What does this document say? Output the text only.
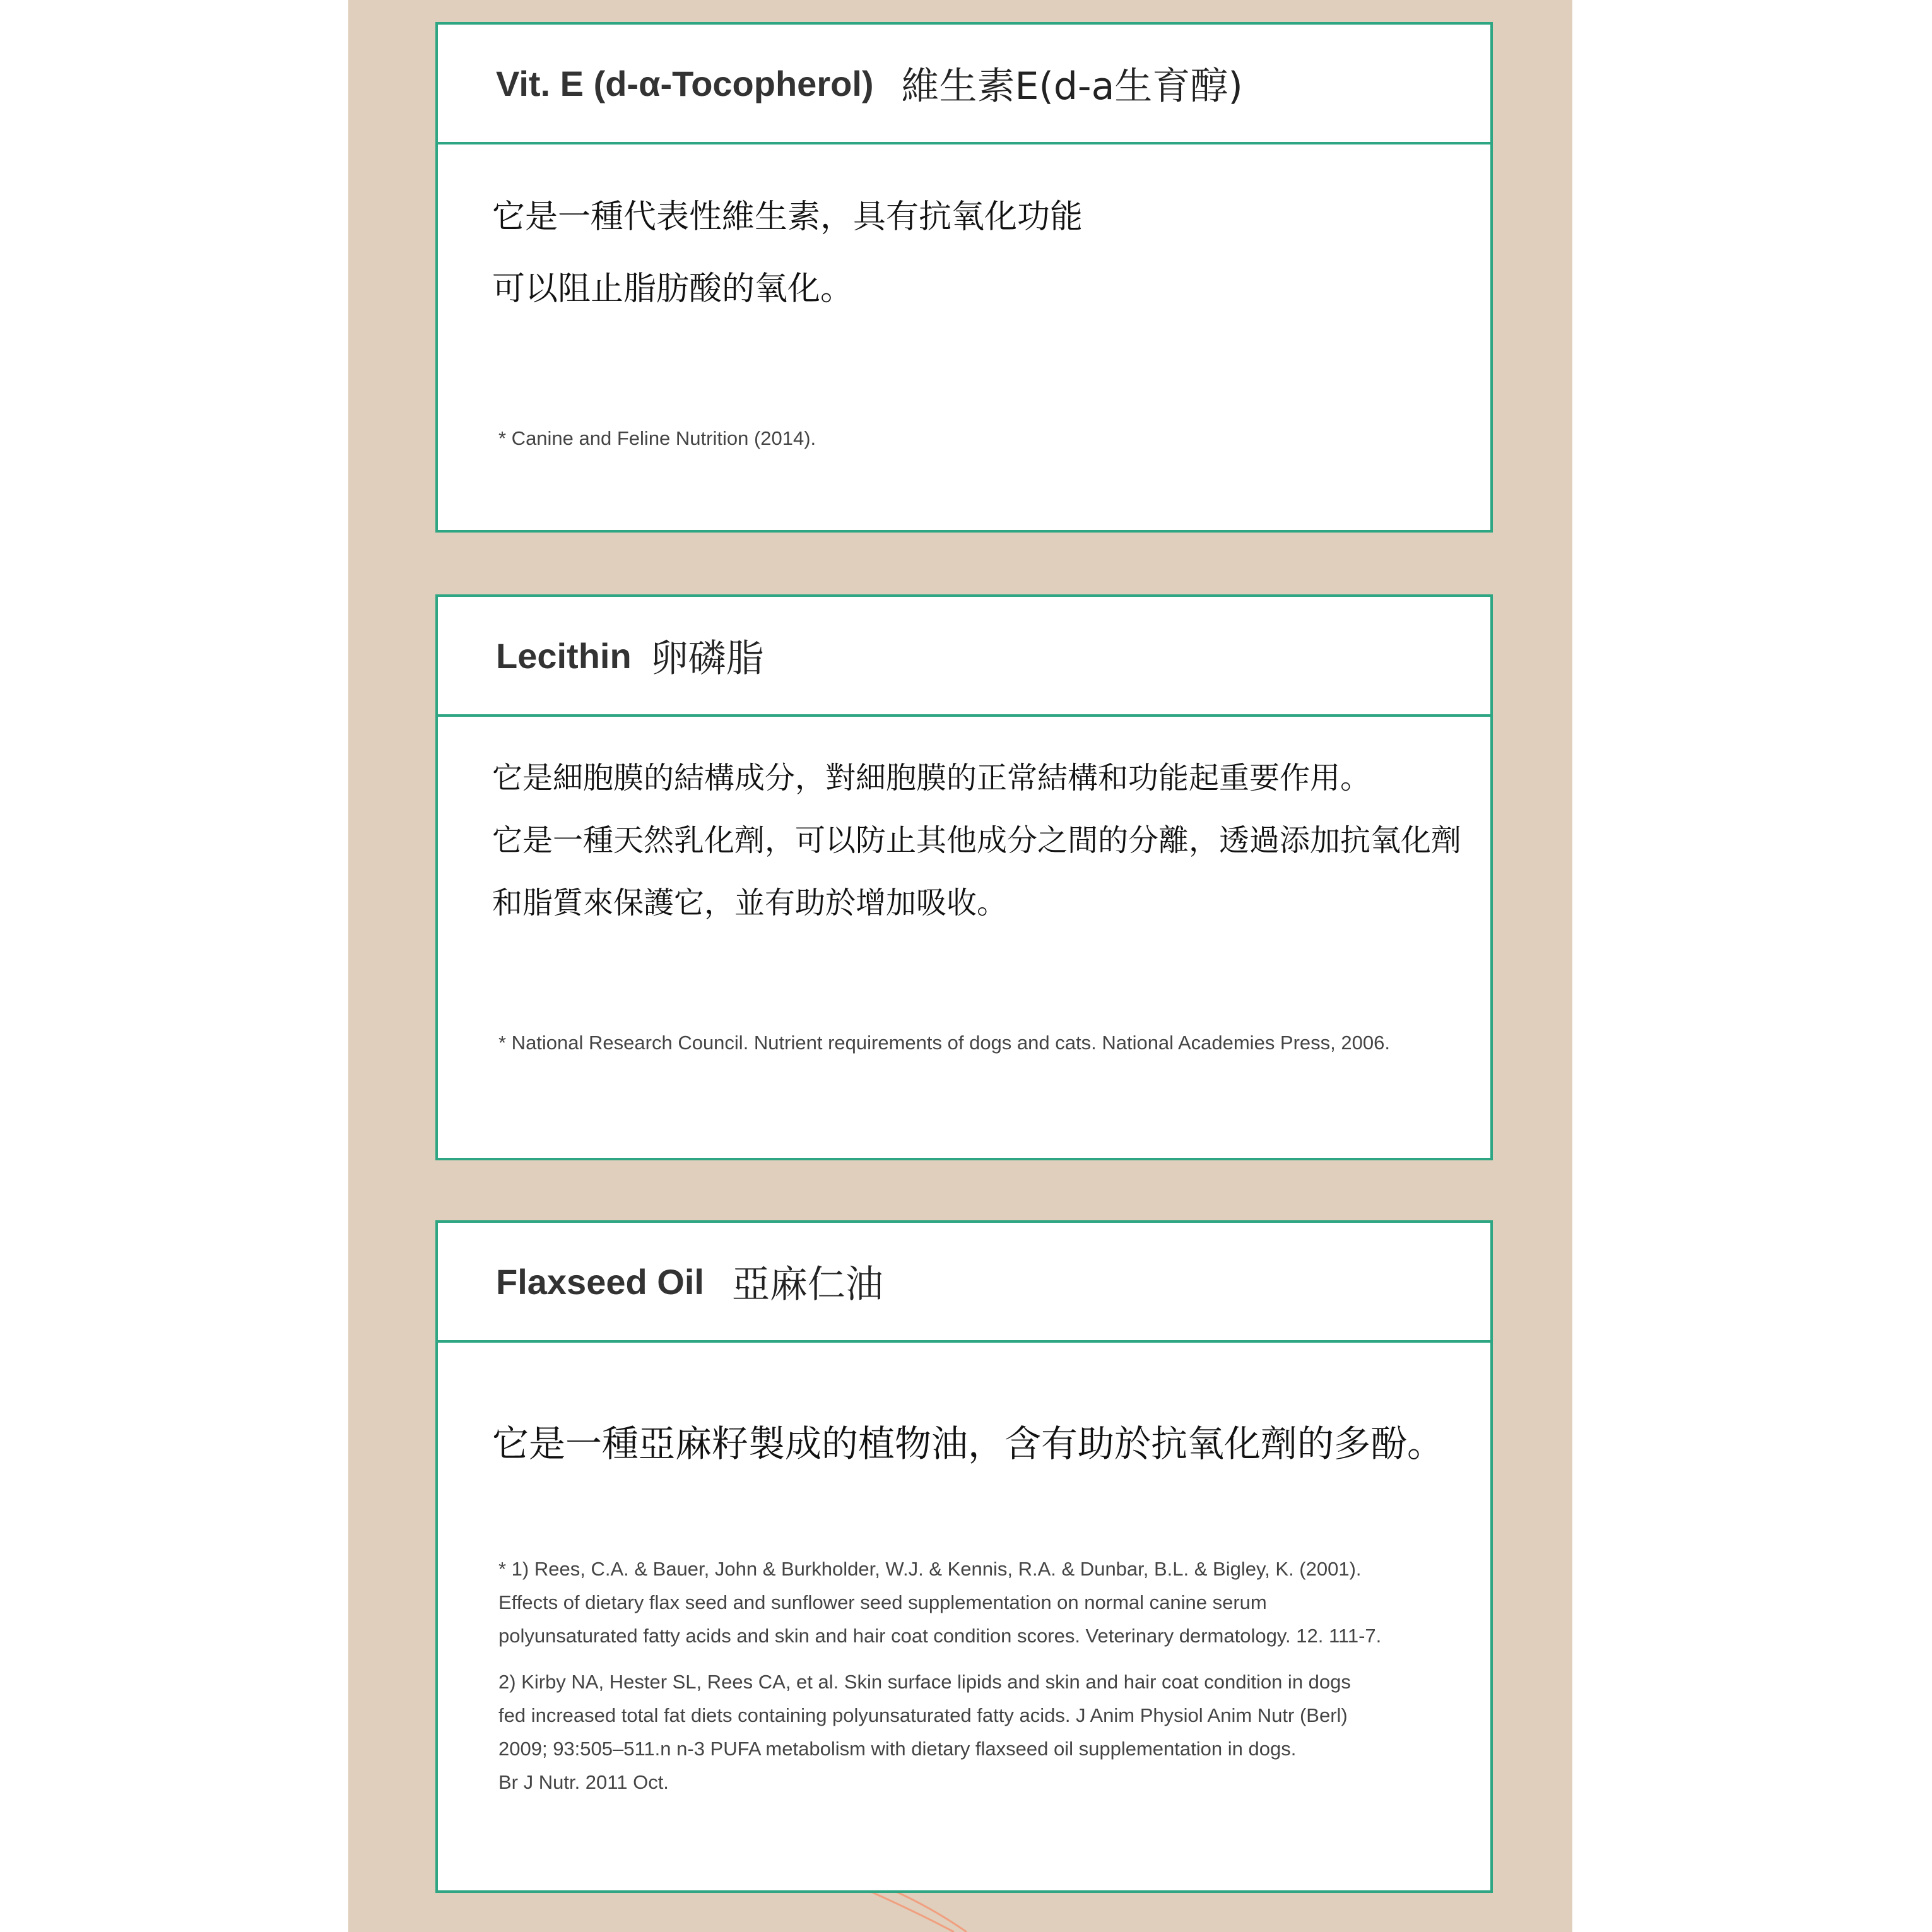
Vit. E (d-α-Tocopherol) 維生素E(d-a生育醇)

它是一種代表性維生素，具有抗氧化功能
可以阻止脂肪酸的氧化。

* Canine and Feline Nutrition (2014).

Lecithin 卵磷脂

它是細胞膜的結構成分，對細胞膜的正常結構和功能起重要作用。
它是一種天然乳化劑，可以防止其他成分之間的分離，透過添加抗氧化劑
和脂質來保護它，並有助於增加吸收。

* National Research Council. Nutrient requirements of dogs and cats. National Academies Press, 2006.

Flaxseed Oil 亞麻仁油

它是一種亞麻籽製成的植物油，含有助於抗氧化劑的多酚。

* 1) Rees, C.A. & Bauer, John & Burkholder, W.J. & Kennis, R.A. & Dunbar, B.L. & Bigley, K. (2001).
Effects of dietary flax seed and sunflower seed supplementation on normal canine serum
polyunsaturated fatty acids and skin and hair coat condition scores. Veterinary dermatology. 12. 111-7.

2) Kirby NA, Hester SL, Rees CA, et al. Skin surface lipids and skin and hair coat condition in dogs
fed increased total fat diets containing polyunsaturated fatty acids. J Anim Physiol Anim Nutr (Berl)
2009; 93:505–511.n n-3 PUFA metabolism with dietary flaxseed oil supplementation in dogs.
Br J Nutr. 2011 Oct.
